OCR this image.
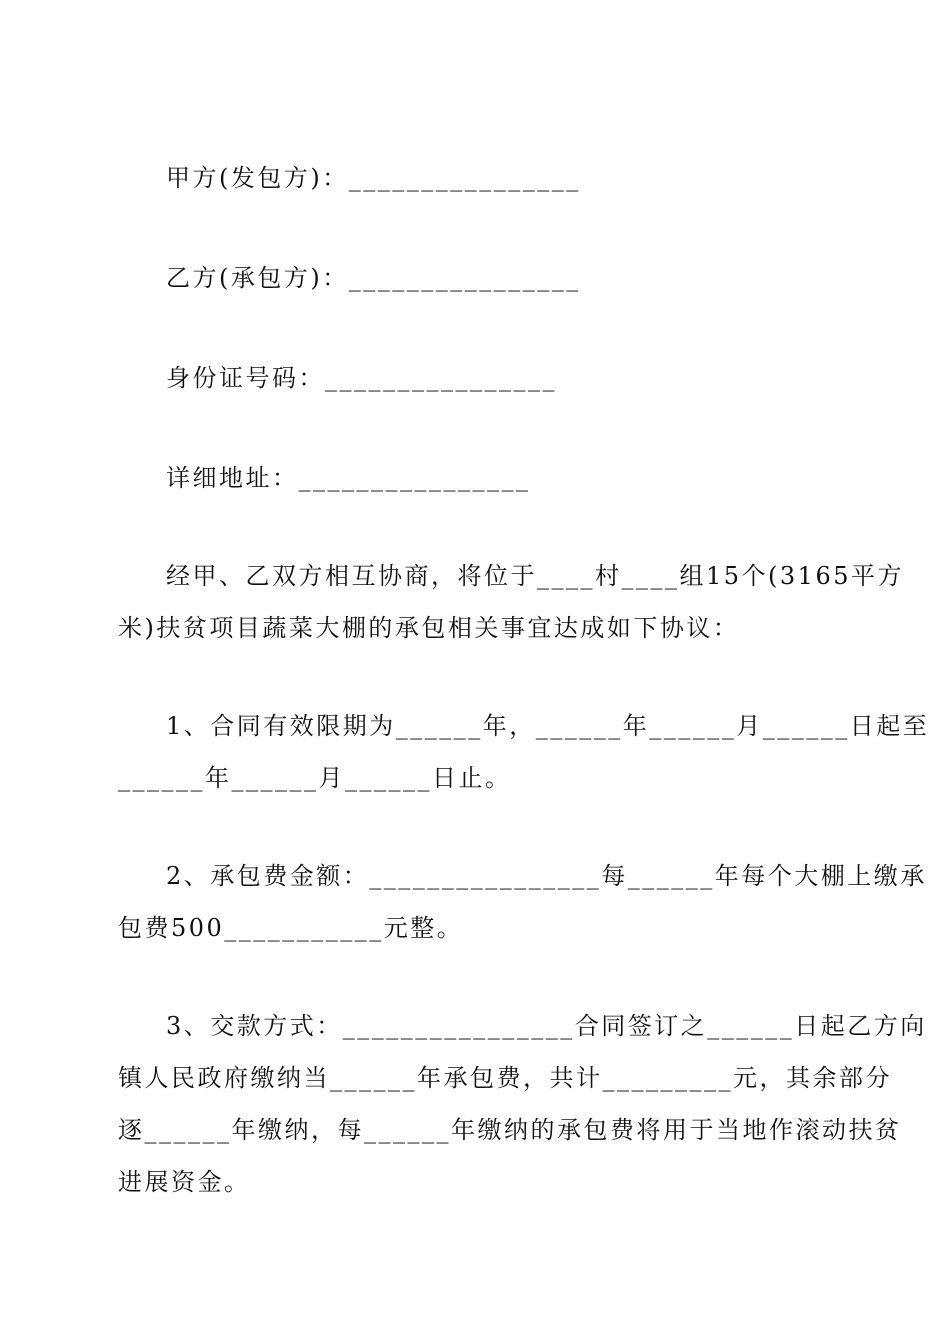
甲方(发包方)：________________
乙方(承包方)：________________
身份证号码：________________
详细地址：________________
经甲、乙双方相互协商，将位于____村____组15个(3165平方
米)扶贫项目蔬菜大棚的承包相关事宜达成如下协议：
1、合同有效限期为______年，______年______月______日起至
______年______月______日止。
2、承包费金额：________________每______年每个大棚上缴承
包费500___________元整。
3、交款方式：________________合同签订之______日起乙方向
镇人民政府缴纳当______年承包费，共计_________元，其余部分
逐______年缴纳，每______年缴纳的承包费将用于当地作滚动扶贫
进展资金。
